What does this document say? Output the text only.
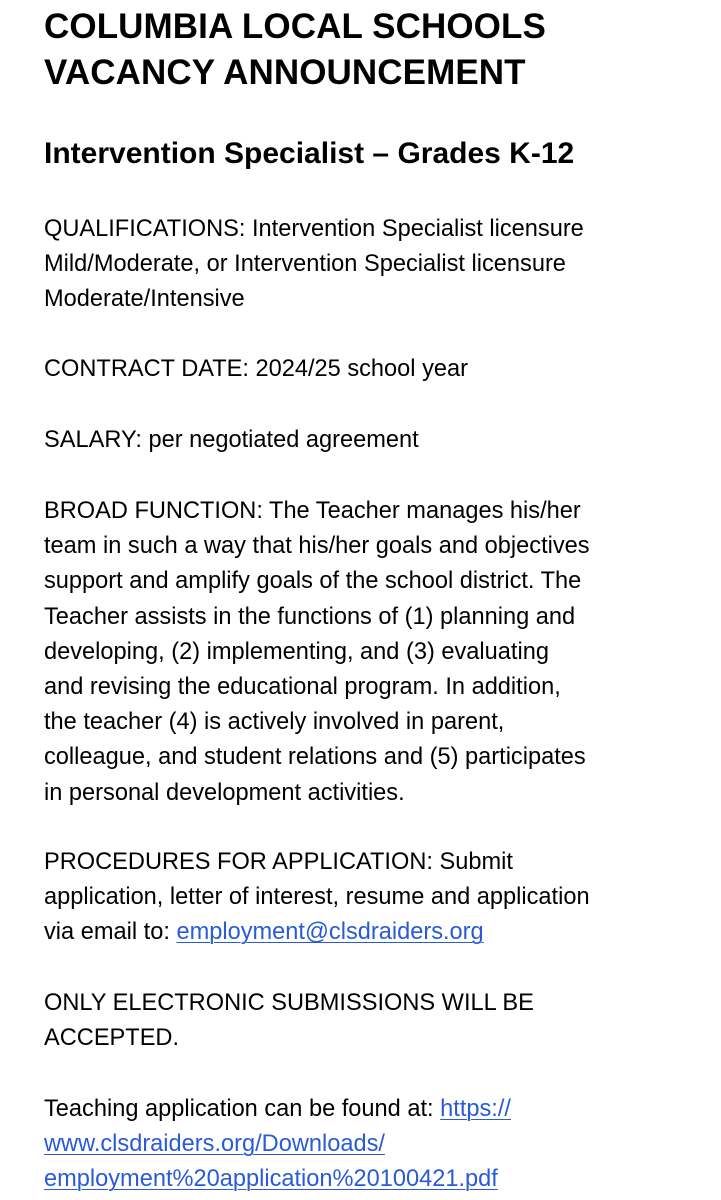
COLUMBIA LOCAL SCHOOLS
VACANCY ANNOUNCEMENT
Intervention Specialist – Grades K-12

QUALIFICATIONS: Intervention Specialist licensure
Mild/Moderate, or Intervention Specialist licensure
Moderate/Intensive

CONTRACT DATE: 2024/25 school year

SALARY: per negotiated agreement

BROAD FUNCTION: The Teacher manages his/her
team in such a way that his/her goals and objectives
support and amplify goals of the school district. The
Teacher assists in the functions of (1) planning and
developing, (2) implementing, and (3) evaluating
and revising the educational program. In addition,
the teacher (4) is actively involved in parent,
colleague, and student relations and (5) participates
in personal development activities.

PROCEDURES FOR APPLICATION: Submit
application, letter of interest, resume and application
via email to: employment@clsdraiders.org

ONLY ELECTRONIC SUBMISSIONS WILL BE
ACCEPTED.

Teaching application can be found at: https://
www.clsdraiders.org/Downloads/
employment%20application%20100421.pdf
